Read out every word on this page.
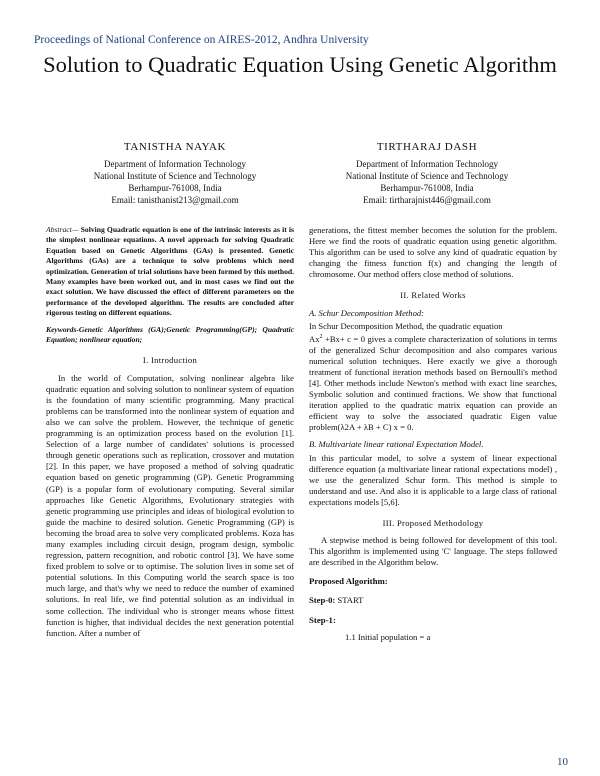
Proceedings of National Conference on AIRES-2012, Andhra University
Solution to Quadratic Equation Using Genetic Algorithm
TANISTHA NAYAK
Department of Information Technology
National Institute of Science and Technology
Berhampur-761008, India
Email: tanisthanist213@gmail.com
TIRTHARAJ DASH
Department of Information Technology
National Institute of Science and Technology
Berhampur-761008, India
Email: tirtharajnist446@gmail.com

Abstract— Solving Quadratic equation is one of the intrinsic interests as it is the simplest nonlinear equations. A novel approach for solving Quadratic Equation based on Genetic Algorithms (GAs) is presented. Genetic Algorithms (GAs) are a technique to solve problems which need optimization. Generation of trial solutions have been formed by this method. Many examples have been worked out, and in most cases we find out the exact solution. We have discussed the effect of different parameters on the performance of the developed algorithm. The results are concluded after rigorous testing on different equations.

Keywords-Genetic Algorithms (GA);Genetic Programming(GP); Quadratic Equation; nonlinear equation;

I. Introduction

In the world of Computation, solving nonlinear algebra like quadratic equation and solving solution to nonlinear system of equation is the foundation of many scientific programming. Many practical problems can be transformed into the nonlinear system of equation and also we can solve the problem. However, the technique of genetic programming is an optimization process based on the evolution [1]. Selection of a large number of candidates' solutions is processed through genetic operations such as replication, crossover and mutation [2]. In this paper, we have proposed a method of solving quadratic equation based on genetic programming (GP). Genetic Programming (GP) is a popular form of evolutionary computing. Several similar approaches like Genetic Algorithms, Evolutionary strategies with genetic programming use principles and ideas of biological evolution to guide the machine to desired solution. Genetic Programming (GP) is becoming the broad area to solve very complicated problems. Koza has many examples including circuit design, program design, symbolic regression, pattern recognition, and robotic control [3]. We have some fixed problem to solve or to optimise. The solution lives in some set of potential solutions. In this Computing world the search space is too much large, and that's why we need to reduce the number of examined solutions. In real life, we find potential solution as an individual in some collection. The individual who is stronger means whose fittest function is higher, that individual decides the next generation potential function. After a number of

generations, the fittest member becomes the solution for the problem. Here we find the roots of quadratic equation using genetic algorithm. This algorithm can be used to solve any kind of quadratic equation by changing the fitness function f(x) and changing the length of chromosome. Our method offers close method of solutions.

II. Related Works

A. Schur Decomposition Method:

In Schur Decomposition Method, the quadratic equation
$Ax^2 +Bx+ c = 0$ gives a complete characterization of solutions in terms of the generalized Schur decomposition and also compares various numerical solution techniques. Here exactly we give a thorough treatment of functional iteration methods based on Bernoulli's method [4]. Other methods include Newton's method with exact line searches, Symbolic solution and continued fractions. We show that functional iteration applied to the quadratic matrix equation can provide an efficient way to solve the associated quadratic Eigen value problem(λ2A + λB + C) x = 0.

B. Multivariate linear rational Expectation Model.

In this particular model, to solve a system of linear expectional difference equation (a multivariate linear rational expectations model) , we use the generalized Schur form. This method is simple to understand and use. And also it is applicable to a large class of rational expectations models [5,6].

III. Proposed Methodology

A stepwise method is being followed for development of this tool. This algorithm is implemented using 'C' language. The steps followed are described in the Algorithm below.

Proposed Algorithm:

Step-0: START

Step-1:

1.1 Initial population = a

10
